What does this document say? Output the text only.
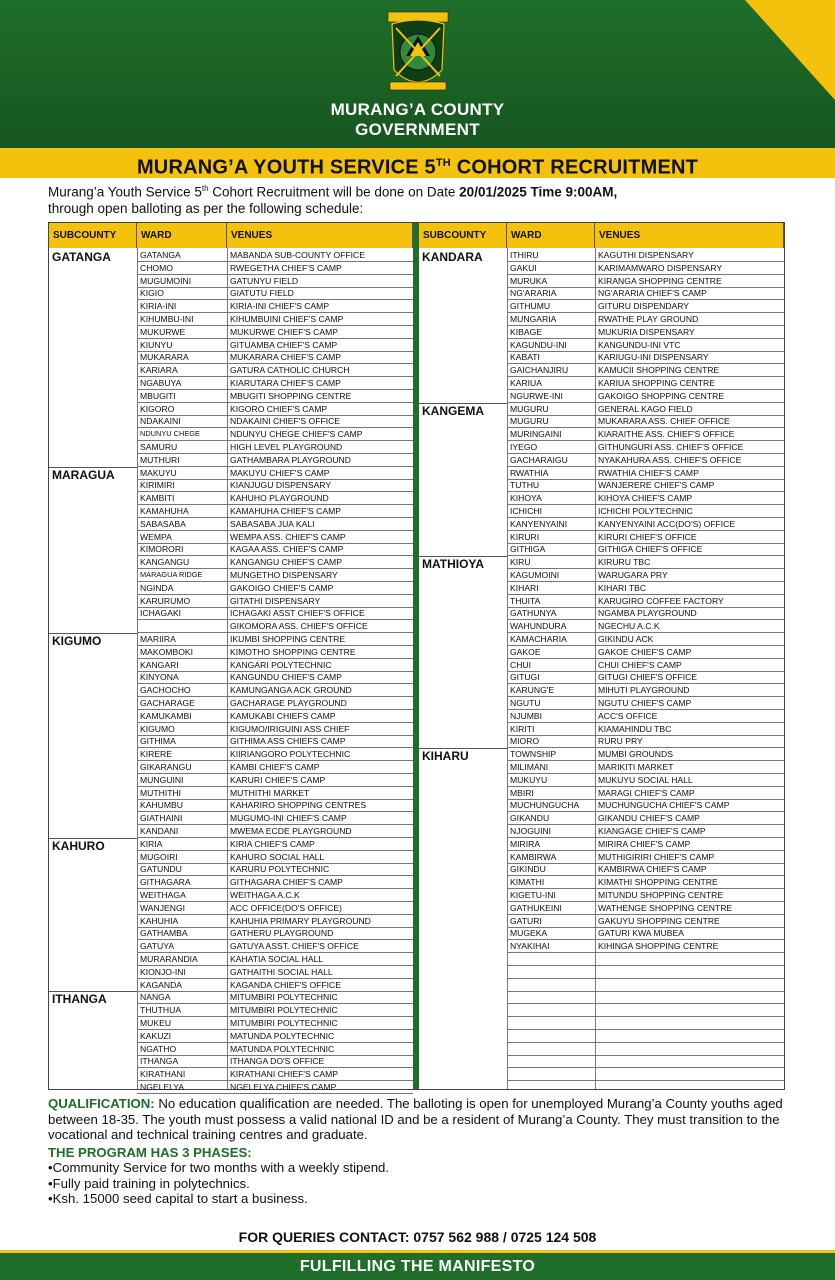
MURANG’A COUNTY
GOVERNMENT
MURANG’A YOUTH SERVICE 5TH COHORT RECRUITMENT
Murang’a Youth Service 5th Cohort Recruitment will be done on Date 20/01/2025 Time 9:00AM,
through open balloting as per the following schedule:
SUBCOUNTY	WARD	VENUES	SUBCOUNTY	WARD	VENUES
GATANGA	GATANGA	MABANDA SUB-COUNTY OFFICE
CHOMO	RWEGETHA CHIEF'S CAMP
MUGUMOINI	GATUNYU FIELD
KIGIO	GIATUTU FIELD
KIRIA-INI	KIRIA-INI CHIEF'S CAMP
KIHUMBU-INI	KIHUMBUINI CHIEF'S CAMP
MUKURWE	MUKURWE CHIEF'S CAMP
KIUNYU	GITUAMBA CHIEF'S CAMP
MUKARARA	MUKARARA CHIEF'S CAMP
KARIARA	GATURA CATHOLIC CHURCH
NGABUYA	KIARUTARA CHIEF'S CAMP
MBUGITI	MBUGITI SHOPPING CENTRE
KIGORO	KIGORO CHIEF'S CAMP
NDAKAINI	NDAKAINI CHIEF'S OFFICE
NDUNYU CHEGE	NDUNYU CHEGE CHIEF'S CAMP
SAMURU	HIGH LEVEL PLAYGROUND
MUTHURI	GATHAMBARA PLAYGROUND
MARAGUA	MAKUYU	MAKUYU CHIEF'S CAMP
KIRIMIRI	KIANJUGU DISPENSARY
KAMBITI	KAHUHO PLAYGROUND
KAMAHUHA	KAMAHUHA CHIEF'S CAMP
SABASABA	SABASABA JUA KALI
WEMPA	WEMPA ASS. CHIEF'S CAMP
KIMORORI	KAGAA ASS. CHIEF'S CAMP
KANGANGU	KANGANGU CHIEF'S CAMP
MARAGUA RIDGE	MUNGETHO DISPENSARY
NGINDA	GAKOIGO CHIEF'S CAMP
KARURUMO	GITATHI DISPENSARY
ICHAGAKI	ICHAGAKI ASST CHIEF'S OFFICE
GIKOMORA ASS. CHIEF'S OFFICE
KIGUMO	MARIIRA	IKUMBI SHOPPING CENTRE
MAKOMBOKI	KIMOTHO SHOPPING CENTRE
KANGARI	KANGARI POLYTECHNIC
KINYONA	KANGUNDU CHIEF'S CAMP
GACHOCHO	KAMUNGANGA ACK GROUND
GACHARAGE	GACHARAGE PLAYGROUND
KAMUKAMBI	KAMUKABI CHIEFS CAMP
KIGUMO	KIGUMO/IRIGUINI ASS CHIEF
GITHIMA	GITHIMA ASS CHIEFS CAMP
KIRERE	KIIRIANGORO POLYTECHNIC
GIKARANGU	KAMBI CHIEF'S CAMP
MUNGUINI	KARURI CHIEF'S CAMP
MUTHITHI	MUTHITHI MARKET
KAHUMBU	KAHARIRO SHOPPING CENTRES
GIATHAINI	MUGUMO-INI CHIEF'S CAMP
KANDANI	MWEMA ECDE PLAYGROUND
KAHURO	KIRIA	KIRIA CHIEF'S CAMP
MUGOIRI	KAHURO SOCIAL HALL
GATUNDU	KARURU POLYTECHNIC
GITHAGARA	GITHAGARA CHIEF'S CAMP
WEITHAGA	WEITHAGA A.C.K
WANJENGI	ACC OFFICE(DO'S OFFICE)
KAHUHIA	KAHUHIA PRIMARY PLAYGROUND
GATHAMBA	GATHERU PLAYGROUND
GATUYA	GATUYA ASST. CHIEF'S OFFICE
MURARANDIA	KAHATIA SOCIAL HALL
KIONJO-INI	GATHAITHI SOCIAL HALL
KAGANDA	KAGANDA CHIEF'S OFFICE
ITHANGA	NANGA	MITUMBIRI POLYTECHNIC
THUTHUA	MITUMBIRI POLYTECHNIC
MUKEU	MITUMBIRI POLYTECHNIC
KAKUZI	MATUNDA POLYTECHNIC
NGATHO	MATUNDA POLYTECHNIC
ITHANGA	ITHANGA DO'S OFFICE
KIRATHANI	KIRATHANI CHIEF'S CAMP
NGELELYA	NGELELYA CHIEF'S CAMP
KANDARA	ITHIRU	KAGUTHI DISPENSARY
GAKUI	KARIMAMWARO DISPENSARY
MURUKA	KIRANGA SHOPPING CENTRE
NG'ARARIA	NG'ARARIA CHIEF'S CAMP
GITHUMU	GITURU DISPENDARY
MUNGARIA	RWATHE PLAY GROUND
KIBAGE	MUKURIA DISPENSARY
KAGUNDU-INI	KANGUNDU-INI VTC
KABATI	KARIUGU-INI DISPENSARY
GAICHANJIRU	KAMUCII SHOPPING CENTRE
KARIUA	KARIUA SHOPPING CENTRE
NGURWE-INI	GAKOIGO SHOPPING CENTRE
KANGEMA	MUGURU	GENERAL KAGO FIELD
MUGURU	MUKARARA ASS. CHIEF OFFICE
MURINGAINI	KIARAITHE ASS. CHIEF'S OFFICE
IYEGO	GITHUNGURI ASS. CHIEF'S OFFICE
GACHARAIGU	NYAKAHURA ASS. CHIEF'S OFFICE
RWATHIA	RWATHIA CHIEF'S CAMP
TUTHU	WANJERERE CHIEF'S CAMP
KIHOYA	KIHOYA CHIEF'S CAMP
ICHICHI	ICHICHI POLYTECHNIC
KANYENYAINI	KANYENYAINI ACC(DO'S) OFFICE
KIRURI	KIRURI CHIEF'S OFFICE
GITHIGA	GITHIGA CHIEF'S OFFICE
MATHIOYA	KIRU	KIRURU TBC
KAGUMOINI	WARUGARA PRY
KIHARI	KIHARI TBC
THUITA	KARUGIRO COFFEE FACTORY
GATHUNYA	NGAMBA PLAYGROUND
WAHUNDURA	NGECHU A.C.K
KAMACHARIA	GIKINDU ACK
GAKOE	GAKOE CHIEF'S CAMP
CHUI	CHUI CHIEF'S CAMP
GITUGI	GITUGI CHIEF'S OFFICE
KARUNG'E	MIHUTI PLAYGROUND
NGUTU	NGUTU CHIEF'S CAMP
NJUMBI	ACC'S OFFICE
KIRITI	KIAMAHINDU TBC
MIORO	RURU PRY
KIHARU	TOWNSHIP	MUMBI GROUNDS
MILIMANI	MARIKITI MARKET
MUKUYU	MUKUYU SOCIAL HALL
MBIRI	MARAGI CHIEF'S CAMP
MUCHUNGUCHA	MUCHUNGUCHA CHIEF'S CAMP
GIKANDU	GIKANDU CHIEF'S CAMP
NJOGUINI	KIANGAGE CHIEF'S CAMP
MIRIRA	MIRIRA CHIEF'S CAMP
KAMBIRWA	MUTHIGIRIRI CHIEF'S CAMP
GIKINDU	KAMBIRWA CHIEF'S CAMP
KIMATHI	KIMATHI SHOPPING CENTRE
KIGETU-INI	MITUNDU SHOPPING CENTRE
GATHUKEINI	WATHENGE SHOPPING CENTRE
GATURI	GAKUYU SHOPPING CENTRE
MUGEKA	GATURI KWA MUBEA
NYAKIHAI	KIHINGA SHOPPING CENTRE
QUALIFICATION: No education qualification are needed. The balloting is open for unemployed Murang’a County youths aged between 18-35. The youth must possess a valid national ID and be a resident of Murang’a County. They must transition to the vocational and technical training centres and graduate.
THE PROGRAM HAS 3 PHASES:
•Community Service for two months with a weekly stipend.
•Fully paid training in polytechnics.
•Ksh. 15000 seed capital to start a business.
FOR QUERIES CONTACT: 0757 562 988 / 0725 124 508
FULFILLING THE MANIFESTO
